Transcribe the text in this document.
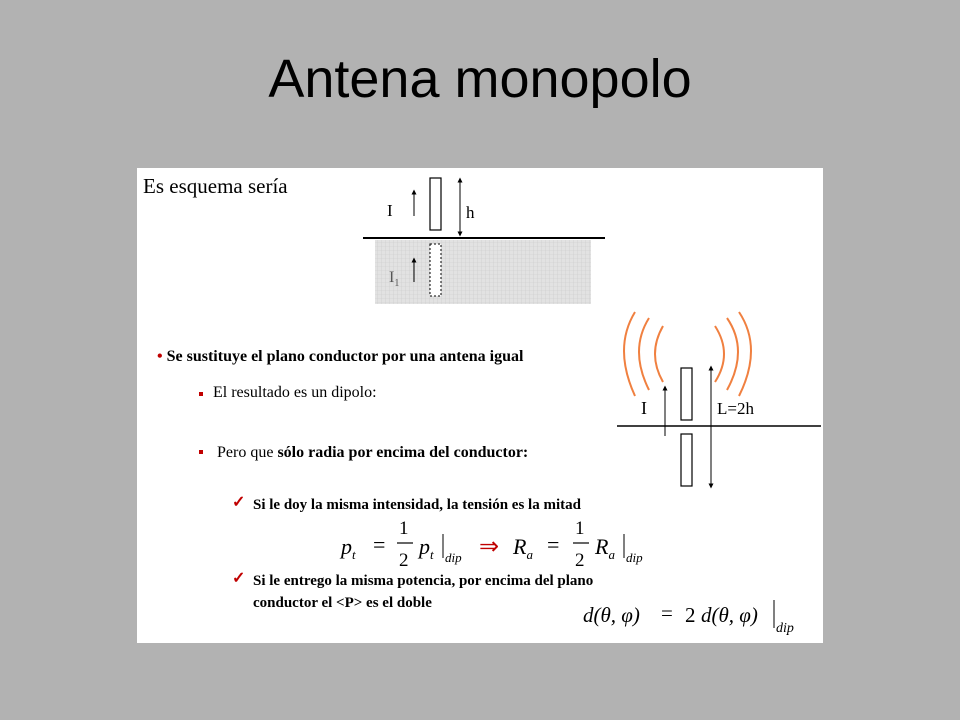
Antena monopolo
Es esquema sería
I
$I_1$
h
• Se sustituye el plano conductor por una antena igual
El resultado es un dipolo:
Pero que sólo radia por encima del conductor:
✓ Si le doy la misma intensidad, la tensión es la mitad
✓ Si le entrego la misma potencia, por encima del plano conductor el <P> es el doble
$p_t$ =
1
2
$p_t$ dip ⇒ $R_a$ =
1
2
$R_a$ dip
d(θ, φ) = 2 d(θ, φ)
dip
I	L=2h
